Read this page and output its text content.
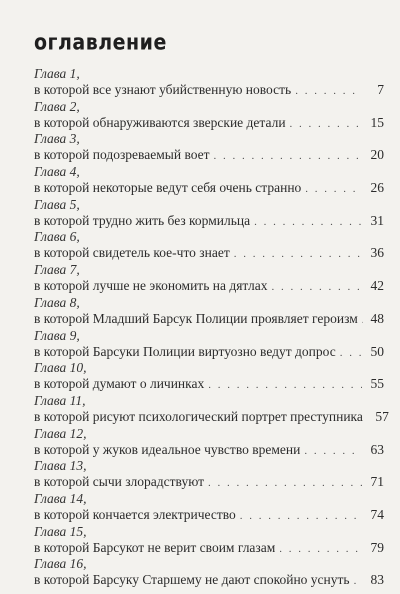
оглавление
Глава 1,
в которой все узнают убийственную новость . . .	7
Глава 2,
в которой обнаруживаются зверские детали . . .	15
Глава 3,
в которой подозреваемый воет . . .	20
Глава 4,
в которой некоторые ведут себя очень странно . . .	26
Глава 5,
в которой трудно жить без кормильца . . .	31
Глава 6,
в которой свидетель кое-что знает . . .	36
Глава 7,
в которой лучше не экономить на дятлах . . .	42
Глава 8,
в которой Младший Барсук Полиции проявляет героизм . . . 48
Глава 9,
в которой Барсуки Полиции виртуозно ведут допрос . . .	50
Глава 10,
в которой думают о личинках . . .	55
Глава 11,
в которой рисуют психологический портрет преступника 57
Глава 12,
в которой у жуков идеальное чувство времени . . .	63
Глава 13,
в которой сычи злорадствуют . . .	71
Глава 14,
в которой кончается электричество . . .	74
Глава 15,
в которой Барсукот не верит своим глазам . . .	79
Глава 16,
в которой Барсуку Старшему не дают спокойно уснуть . . .	83
